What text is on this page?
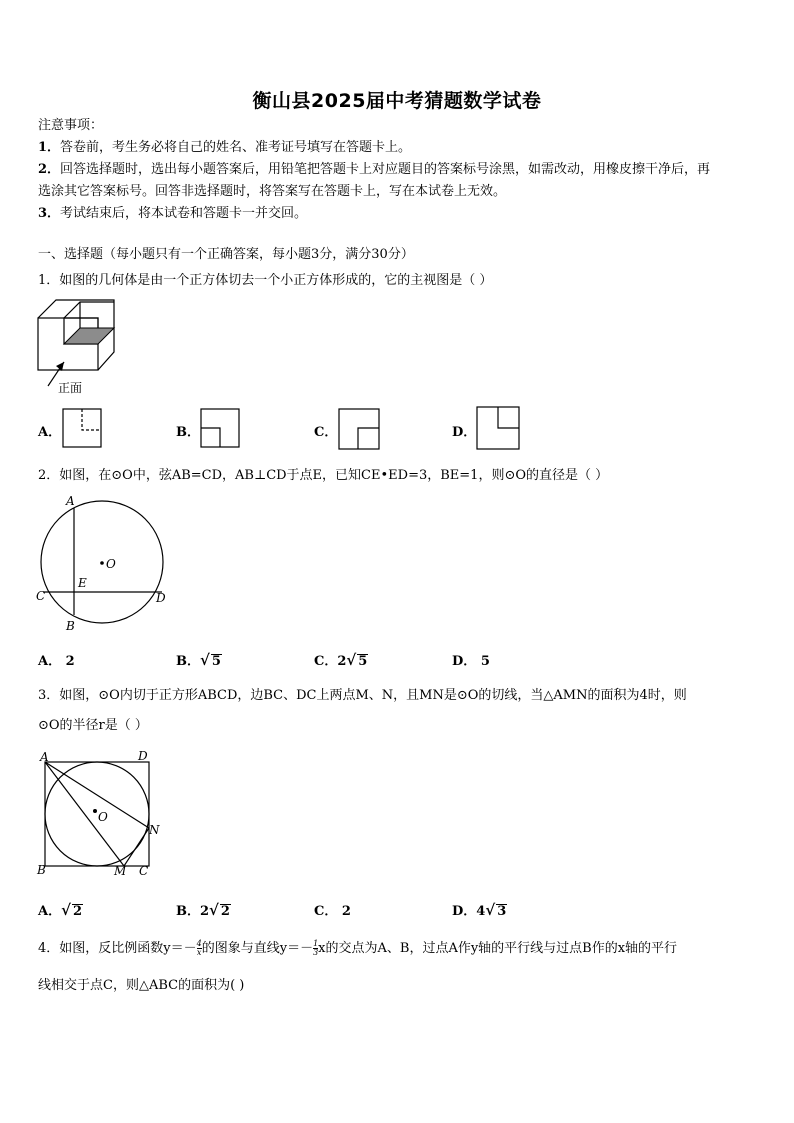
衡山县2025届中考猜题数学试卷
注意事项：
1．答卷前，考生务必将自己的姓名、准考证号填写在答题卡上。
2．回答选择题时，选出每小题答案后，用铅笔把答题卡上对应题目的答案标号涂黑，如需改动，用橡皮擦干净后，再
选涂其它答案标号。回答非选择题时，将答案写在答题卡上，写在本试卷上无效。
3．考试结束后，将本试卷和答题卡一并交回。
一、选择题（每小题只有一个正确答案，每小题3分，满分30分）
1．如图的几何体是由一个正方体切去一个小正方体形成的，它的主视图是（ ）
正面
A．	B．	C．	D．
2．如图，在⊙O中，弦AB=CD，AB⊥CD于点E，已知CE•ED=3，BE=1，则⊙O的直径是（ ）
A
O
E
C	D
B
A． 2	B．√ 5	C．2√ 5	D． 5
3．如图，⊙O内切于正方形ABCD，边BC、DC上两点M、N，且MN是⊙O的切线，当△AMN的面积为4时，则
⊙O的半径r是（ ）
A	D
O
N
B	M C
A．√ 2	B．2√ 2	C． 2	D．4√ 3
4．如图，反比例函数$y=- \frac{4}{x}$ 的图象与直线$y=- \frac{1}{3}$ x的交点为A、B，过点A作y轴的平行线与过点B作的x轴的平行
线相交于点C，则△ABC的面积为( )
